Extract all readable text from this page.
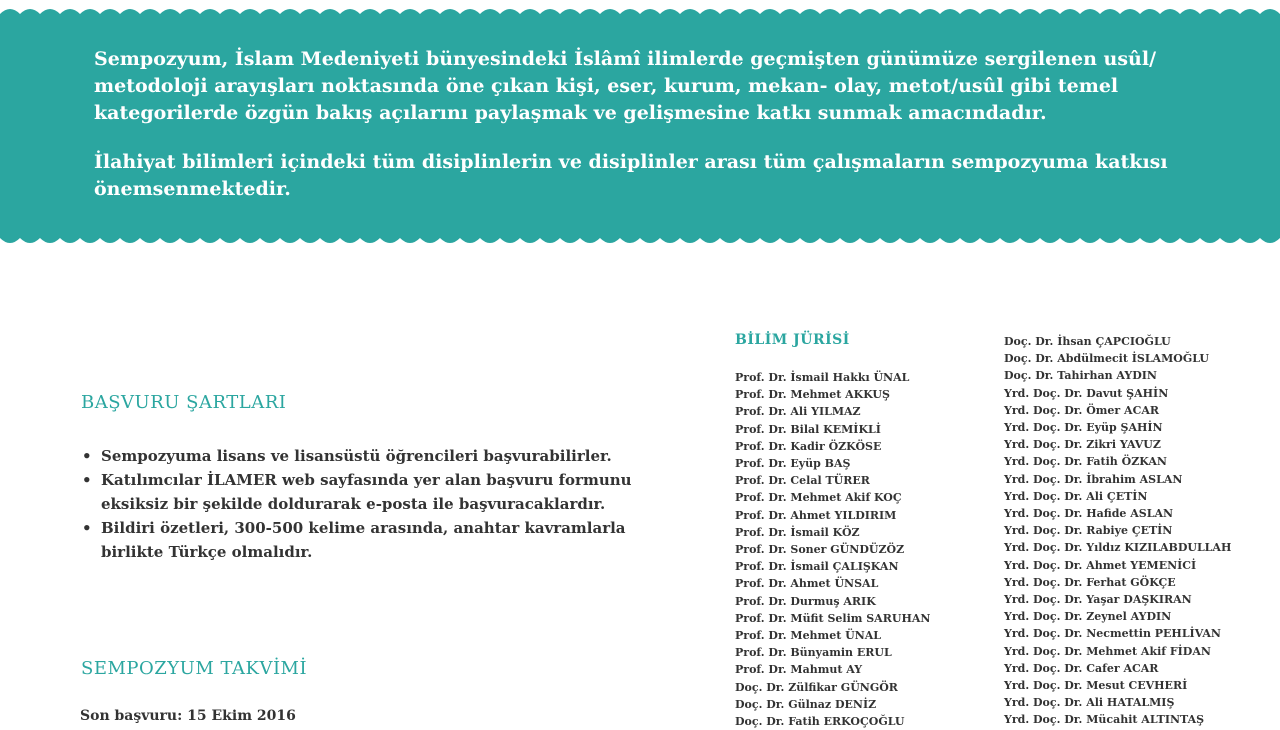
Sempozyum, İslam Medeniyeti bünyesindeki İslâmî ilimlerde geçmişten günümüze sergilenen usûl/ metodoloji arayışları noktasında öne çıkan kişi, eser, kurum, mekan- olay, metot/usûl gibi temel kategorilerde özgün bakış açılarını paylaşmak ve gelişmesine katkı sunmak amacındadır.

İlahiyat bilimleri içindeki tüm disiplinlerin ve disiplinler arası tüm çalışmaların sempozyuma katkısı önemsenmektedir.

BAŞVURU ŞARTLARI
• Sempozyuma lisans ve lisansüstü öğrencileri başvurabilirler.
• Katılımcılar İLAMER web sayfasında yer alan başvuru formunu eksiksiz bir şekilde doldurarak e-posta ile başvuracaklardır.
• Bildiri özetleri, 300-500 kelime arasında, anahtar kavramlarla birlikte Türkçe olmalıdır.
SEMPOZYUM TAKVİMİ
Son başvuru: 15 Ekim 2016
BİLİM JÜRİSİ
Prof. Dr. İsmail Hakkı ÜNAL
Prof. Dr. Mehmet AKKUŞ
Prof. Dr. Ali YILMAZ
Prof. Dr. Bilal KEMİKLİ
Prof. Dr. Kadir ÖZKÖSE
Prof. Dr. Eyüp BAŞ
Prof. Dr. Celal TÜRER
Prof. Dr. Mehmet Akif KOÇ
Prof. Dr. Ahmet YILDIRIM
Prof. Dr. İsmail KÖZ
Prof. Dr. Soner GÜNDÜZÖZ
Prof. Dr. İsmail ÇALIŞKAN
Prof. Dr. Ahmet ÜNSAL
Prof. Dr. Durmuş ARIK
Prof. Dr. Müfit Selim SARUHAN
Prof. Dr. Mehmet ÜNAL
Prof. Dr. Bünyamin ERUL
Prof. Dr. Mahmut AY
Doç. Dr. Zülfikar GÜNGÖR
Doç. Dr. Gülnaz DENİZ
Doç. Dr. Fatih ERKOÇOĞLU
Doç. Dr. İhsan ÇAPCIOĞLU
Doç. Dr. Abdülmecit İSLAMOĞLU
Doç. Dr. Tahirhan AYDIN
Yrd. Doç. Dr. Davut ŞAHİN
Yrd. Doç. Dr. Ömer ACAR
Yrd. Doç. Dr. Eyüp ŞAHİN
Yrd. Doç. Dr. Zikri YAVUZ
Yrd. Doç. Dr. Fatih ÖZKAN
Yrd. Doç. Dr. İbrahim ASLAN
Yrd. Doç. Dr. Ali ÇETİN
Yrd. Doç. Dr. Hafide ASLAN
Yrd. Doç. Dr. Rabiye ÇETİN
Yrd. Doç. Dr. Yıldız KIZILABDULLAH
Yrd. Doç. Dr. Ahmet YEMENİCİ
Yrd. Doç. Dr. Ferhat GÖKÇE
Yrd. Doç. Dr. Yaşar DAŞKIRAN
Yrd. Doç. Dr. Zeynel AYDIN
Yrd. Doç. Dr. Necmettin PEHLİVAN
Yrd. Doç. Dr. Mehmet Akif FİDAN
Yrd. Doç. Dr. Cafer ACAR
Yrd. Doç. Dr. Mesut CEVHERİ
Yrd. Doç. Dr. Ali HATALMIŞ
Yrd. Doç. Dr. Mücahit ALTINTAŞ
